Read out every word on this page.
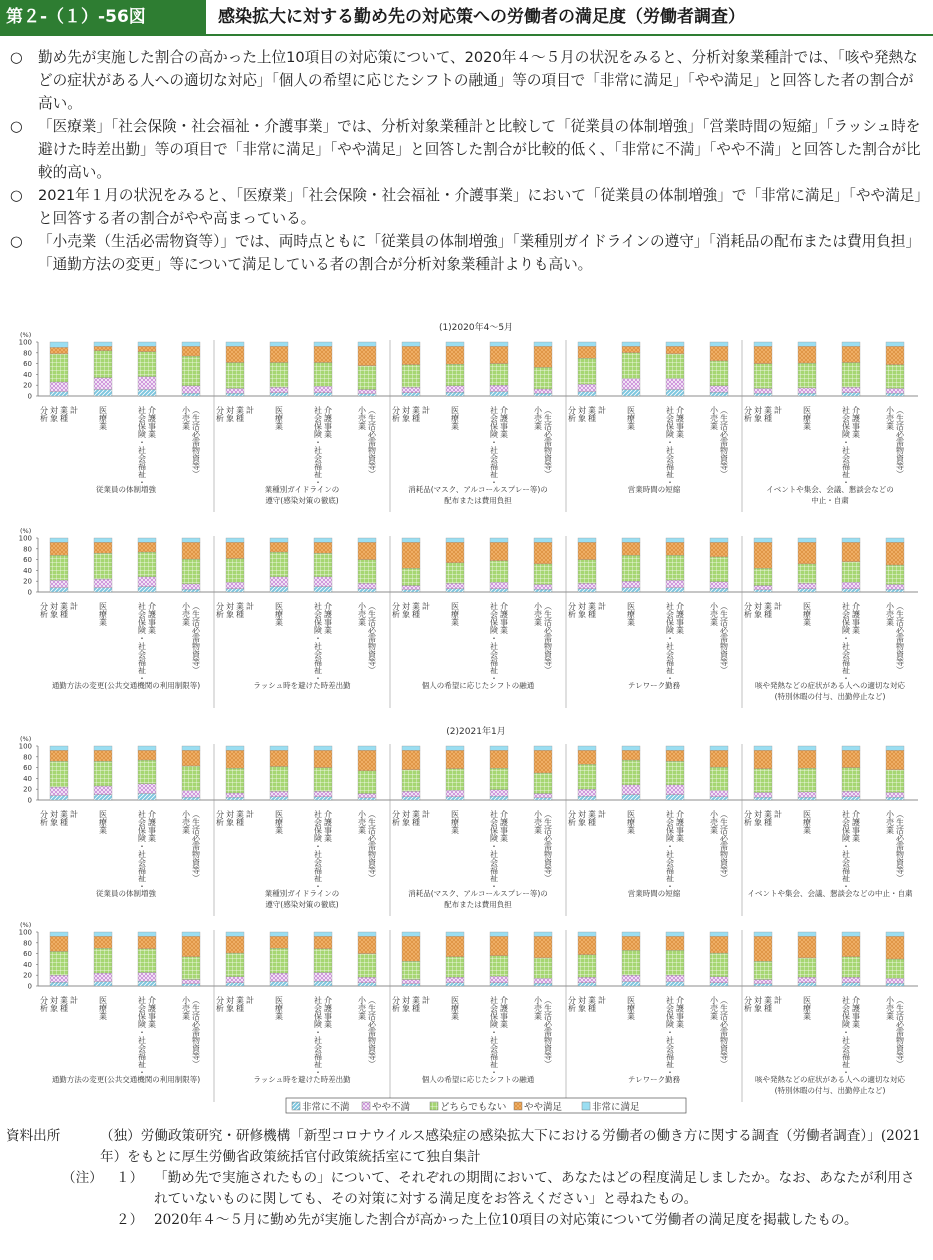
第２-（１）-56図	感染拡大に対する勤め先の対応策への労働者の満足度（労働者調査）

○ 勤め先が実施した割合の高かった上位10項目の対応策について、2020年４～５月の状況をみると、分析対象業種計では、「咳や発熱などの症状がある人への適切な対応」「個人の希望に応じたシフトの融通」等の項目で「非常に満足」「やや満足」と回答した者の割合が高い。

○ 「医療業」「社会保険・社会福祉・介護事業」では、分析対象業種計と比較して「従業員の体制増強」「営業時間の短縮」「ラッシュ時を避けた時差出勤」等の項目で「非常に満足」「やや満足」と回答した割合が比較的低く、「非常に不満」「やや不満」と回答した割合が比較的高い。

○ 2021年１月の状況をみると、「医療業」「社会保険・社会福祉・介護事業」において「従業員の体制増強」で「非常に満足」「やや満足」と回答する者の割合がやや高まっている。

○ 「小売業（生活必需物資等）」では、両時点ともに「従業員の体制増強」「業種別ガイドラインの遵守」「消耗品の配布または費用負担」「通勤方法の変更」等について満足している者の割合が分析対象業種計よりも高い。

(1)2020年4～5月
(%)
0
20
40
60
80
100
分析 対象 業種 計	医療業	社会保険・社会福祉・ 介護事業	小売業 （生活必需物資等）
従業員の体制増強
分析 対象 業種 計	医療業	社会保険・社会福祉・ 介護事業	小売業 （生活必需物資等）
業種別ガイドラインの
遵守(感染対策の徹底)
分析 対象 業種 計	医療業	社会保険・社会福祉・ 介護事業	小売業 （生活必需物資等）
消耗品(マスク、アルコールスプレー等)の
配布または費用負担
分析 対象 業種 計	医療業	社会保険・社会福祉・ 介護事業	小売業 （生活必需物資等）
営業時間の短縮
分析 対象 業種 計	医療業	社会保険・社会福祉・ 介護事業	小売業 （生活必需物資等）
イベントや集会、会議、懇談会などの
中止・自粛
(%)
0
20
40
60
80
100
分析 対象 業種 計	医療業	社会保険・社会福祉・ 介護事業	小売業 （生活必需物資等）
通勤方法の変更(公共交通機関の利用制限等)
分析 対象 業種 計	医療業	社会保険・社会福祉・ 介護事業	小売業 （生活必需物資等）
ラッシュ時を避けた時差出勤
分析 対象 業種 計	医療業	社会保険・社会福祉・ 介護事業	小売業 （生活必需物資等）
個人の希望に応じたシフトの融通
分析 対象 業種 計	医療業	社会保険・社会福祉・ 介護事業	小売業 （生活必需物資等）
テレワーク勤務
分析 対象 業種 計	医療業	社会保険・社会福祉・ 介護事業	小売業 （生活必需物資等）
咳や発熱などの症状がある人への適切な対応
(特別休暇の付与、出勤停止など)
(2)2021年1月
(%)
0
20
40
60
80
100
分析 対象 業種 計	医療業	社会保険・社会福祉・ 介護事業	小売業 （生活必需物資等）
従業員の体制増強
分析 対象 業種 計	医療業	社会保険・社会福祉・ 介護事業	小売業 （生活必需物資等）
業種別ガイドラインの
遵守(感染対策の徹底)
分析 対象 業種 計	医療業	社会保険・社会福祉・ 介護事業	小売業 （生活必需物資等）
消耗品(マスク、アルコールスプレー等)の
配布または費用負担
分析 対象 業種 計	医療業	社会保険・社会福祉・ 介護事業	小売業 （生活必需物資等）
営業時間の短縮
分析 対象 業種 計	医療業	社会保険・社会福祉・ 介護事業	小売業 （生活必需物資等）
イベントや集会、会議、懇談会などの中止・自粛
(%)
0
20
40
60
80
100
分析 対象 業種 計	医療業	社会保険・社会福祉・ 介護事業	小売業 （生活必需物資等）
通勤方法の変更(公共交通機関の利用制限等)
分析 対象 業種 計	医療業	社会保険・社会福祉・ 介護事業	小売業 （生活必需物資等）
ラッシュ時を避けた時差出勤
分析 対象 業種 計	医療業	社会保険・社会福祉・ 介護事業	小売業 （生活必需物資等）
個人の希望に応じたシフトの融通
分析 対象 業種 計	医療業	社会保険・社会福祉・ 介護事業	小売業 （生活必需物資等）
テレワーク勤務
分析 対象 業種 計	医療業	社会保険・社会福祉・ 介護事業	小売業 （生活必需物資等）
咳や発熱などの症状がある人への適切な対応
(特別休暇の付与、出勤停止など)
非常に不満 やや不満	どちらでもない やや満足	非常に満足
資料出所	（独）労働政策研究・研修機構「新型コロナウイルス感染症の感染拡大下における労働者の働き方に関する調査（労働者調査）」(2021年）をもとに厚生労働省政策統括官付政策統括室にて独自集計
（注） １） 「勤め先で実施されたもの」について、それぞれの期間において、あなたはどの程度満足しましたか。なお、あなたが利用されていないものに関しても、その対策に対する満足度をお答えください」と尋ねたもの。
２） 2020年４～５月に勤め先が実施した割合が高かった上位10項目の対応策について労働者の満足度を掲載したもの。
